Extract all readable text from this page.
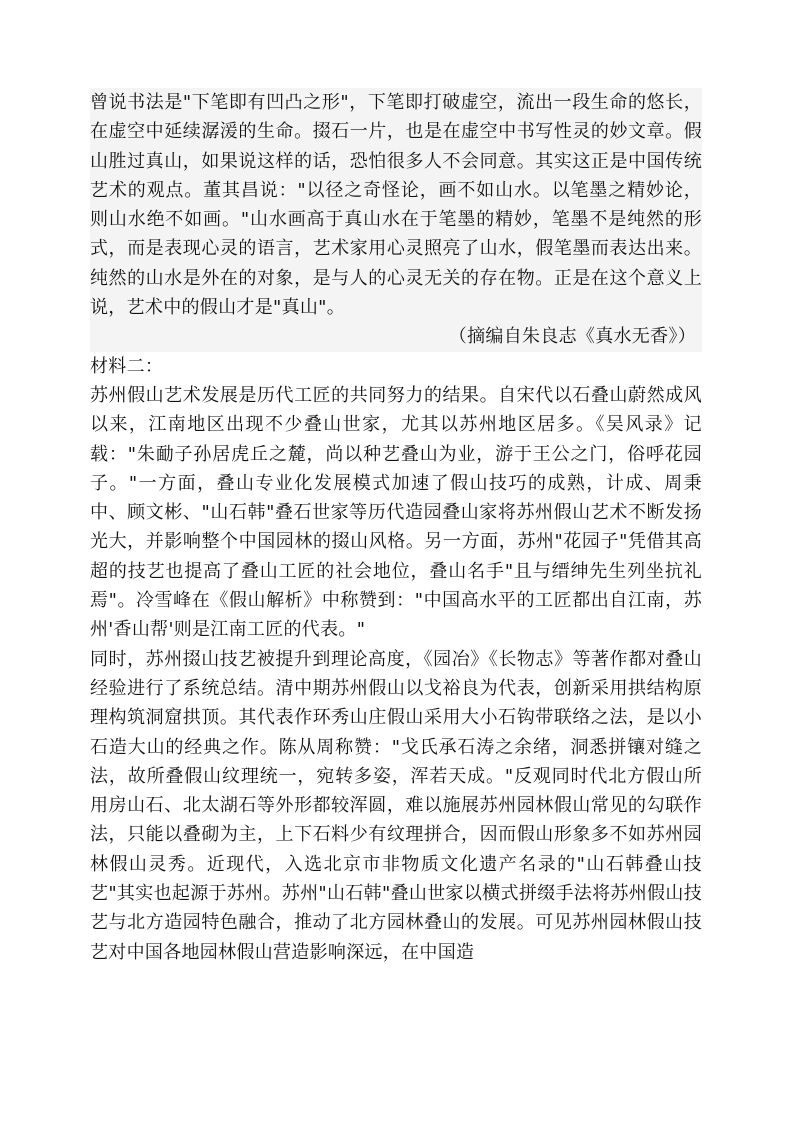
曾说书法是"下笔即有凹凸之形"，下笔即打破虚空，流出一段生命的悠长，在虚空中延续潺湲的生命。掇石一片，也是在虚空中书写性灵的妙文章。假山胜过真山，如果说这样的话，恐怕很多人不会同意。其实这正是中国传统艺术的观点。董其昌说："以径之奇怪论，画不如山水。以笔墨之精妙论，则山水绝不如画。"山水画高于真山水在于笔墨的精妙，笔墨不是纯然的形式，而是表现心灵的语言，艺术家用心灵照亮了山水，假笔墨而表达出来。纯然的山水是外在的对象，是与人的心灵无关的存在物。正是在这个意义上说，艺术中的假山才是"真山"。

（摘编自朱良志《真水无香》）

材料二：

苏州假山艺术发展是历代工匠的共同努力的结果。自宋代以石叠山蔚然成风以来，江南地区出现不少叠山世家，尤其以苏州地区居多。《吴风录》记载："朱勔子孙居虎丘之麓，尚以种艺叠山为业，游于王公之门，俗呼花园子。"一方面，叠山专业化发展模式加速了假山技巧的成熟，计成、周秉中、顾文彬、"山石韩"叠石世家等历代造园叠山家将苏州假山艺术不断发扬光大，并影响整个中国园林的掇山风格。另一方面，苏州"花园子"凭借其高超的技艺也提高了叠山工匠的社会地位，叠山名手"且与缙绅先生列坐抗礼焉"。冷雪峰在《假山解析》中称赞到："中国高水平的工匠都出自江南，苏州'香山帮'则是江南工匠的代表。"

同时，苏州掇山技艺被提升到理论高度，《园冶》《长物志》等著作都对叠山经验进行了系统总结。清中期苏州假山以戈裕良为代表，创新采用拱结构原理构筑洞窟拱顶。其代表作环秀山庄假山采用大小石钩带联络之法，是以小石造大山的经典之作。陈从周称赞："戈氏承石涛之余绪，洞悉拼镶对缝之法，故所叠假山纹理统一，宛转多姿，浑若天成。"反观同时代北方假山所用房山石、北太湖石等外形都较浑圆，难以施展苏州园林假山常见的勾联作法，只能以叠砌为主，上下石料少有纹理拼合，因而假山形象多不如苏州园林假山灵秀。近现代，入选北京市非物质文化遗产名录的"山石韩叠山技艺"其实也起源于苏州。苏州"山石韩"叠山世家以横式拼缀手法将苏州假山技艺与北方造园特色融合，推动了北方园林叠山的发展。可见苏州园林假山技艺对中国各地园林假山营造影响深远，在中国造
